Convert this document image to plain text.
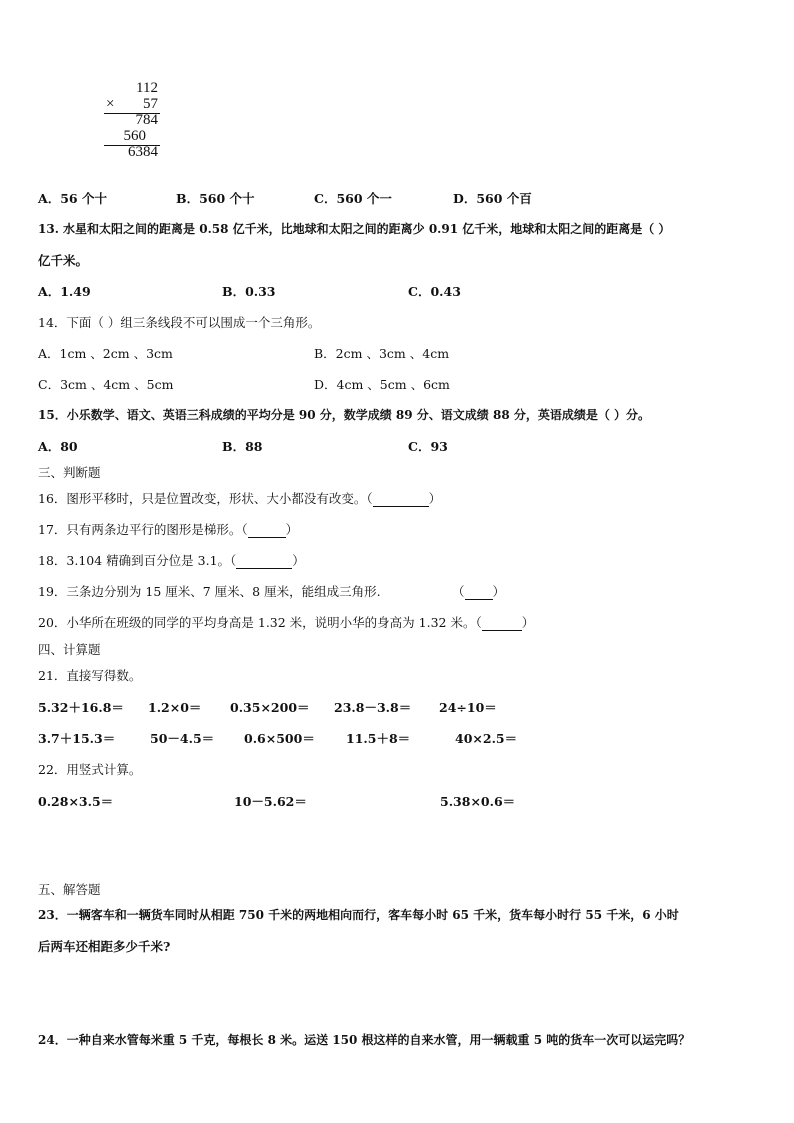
112
× 57
784
560
6384
A．56 个十	B．560 个十	C．560 个一	D．560 个百
13. 水星和太阳之间的距离是 0.58 亿千米，比地球和太阳之间的距离少 0.91 亿千米，地球和太阳之间的距离是（ ）
亿千米。
A．1.49	B．0.33	C．0.43
14．下面（ ）组三条线段不可以围成一个三角形。
A．1cm 、2cm 、3cm	B．2cm 、3cm 、4cm
C．3cm 、4cm 、5cm	D．4cm 、5cm 、6cm
15．小乐数学、语文、英语三科成绩的平均分是 90 分，数学成绩 89 分、语文成绩 88 分，英语成绩是（ ）分。
A．80	B．88	C．93
三、判断题
16．图形平移时，只是位置改变，形状、大小都没有改变。（	）
17．只有两条边平行的图形是梯形。（	）
18．3.104 精确到百分位是 3.1。（	）
19．三条边分别为 15 厘米、7 厘米、8 厘米，能组成三角形.	（ ）
20．小华所在班级的同学的平均身高是 1.32 米，说明小华的身高为 1.32 米。（	）
四、计算题
21．直接写得数。
5.32＋16.8＝ 1.2×0＝ 0.35×200＝ 23.8－3.8＝ 24÷10＝
3.7＋15.3＝	50－4.5＝ 0.6×500＝ 11.5＋8＝	40×2.5＝
22．用竖式计算。
0.28×3.5＝	10－5.62＝	5.38×0.6＝
五、解答题
23．一辆客车和一辆货车同时从相距 750 千米的两地相向而行，客车每小时 65 千米，货车每小时行 55 千米，6 小时
后两车还相距多少千米?
24．一种自来水管每米重 5 千克，每根长 8 米。运送 150 根这样的自来水管，用一辆载重 5 吨的货车一次可以运完吗？
